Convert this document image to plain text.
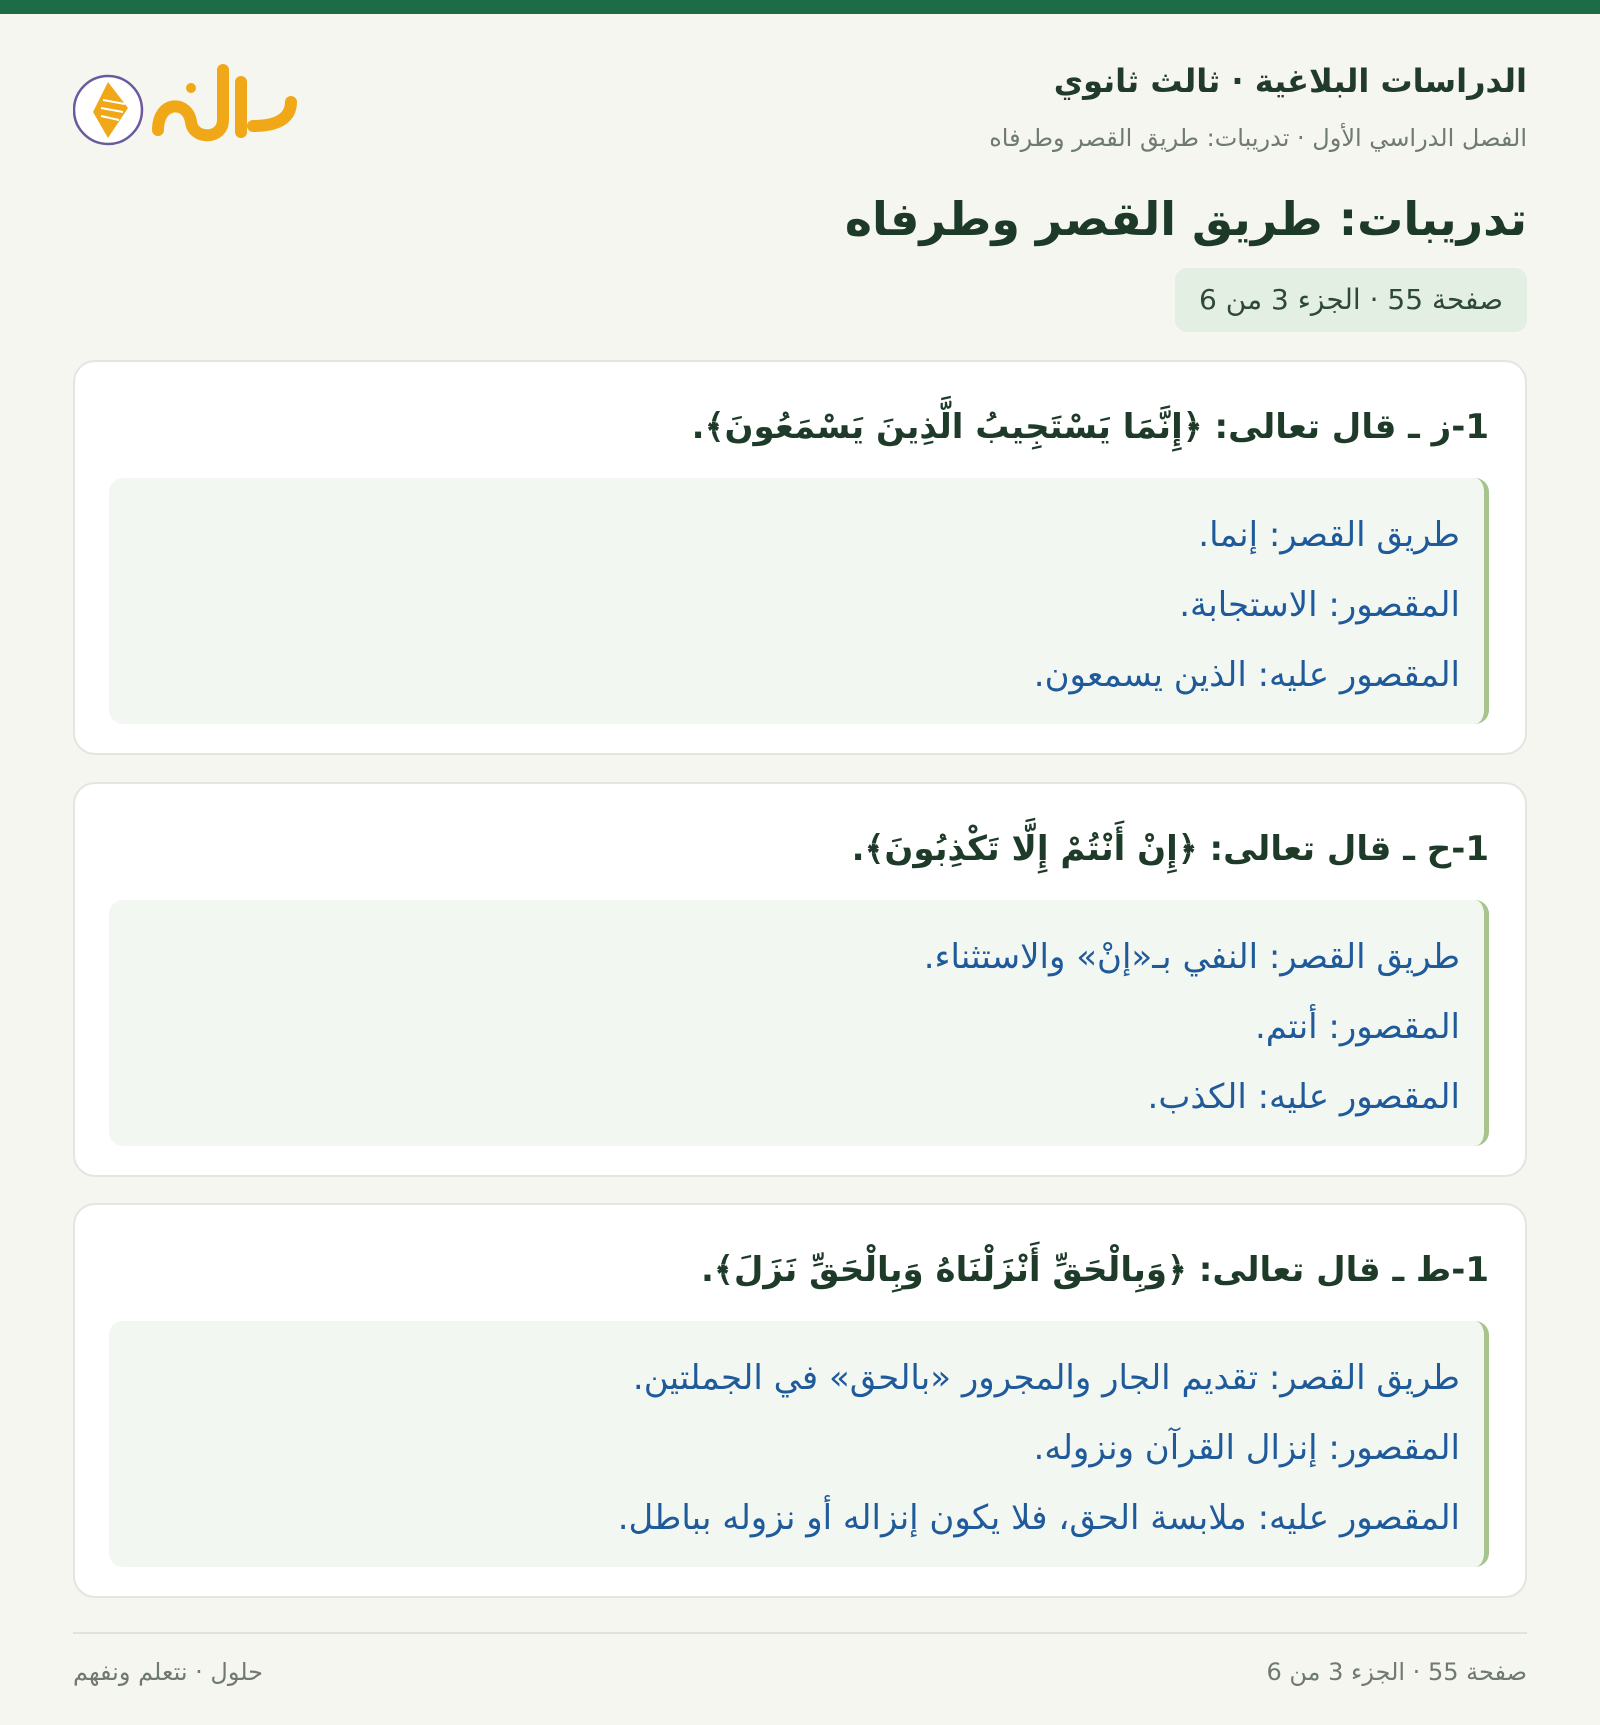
الدراسات البلاغية · ثالث ثانوي
الفصل الدراسي الأول · تدريبات: طريق القصر وطرفاه
تدريبات: طريق القصر وطرفاه
صفحة 55 · الجزء 3 من 6
1-ز ـ قال تعالى: ﴿إِنَّمَا يَسْتَجِيبُ الَّذِينَ يَسْمَعُونَ﴾.
طريق القصر: إنما.
المقصور: الاستجابة.
المقصور عليه: الذين يسمعون.
1-ح ـ قال تعالى: ﴿إِنْ أَنْتُمْ إِلَّا تَكْذِبُونَ﴾.
طريق القصر: النفي بـ«إنْ» والاستثناء.
المقصور: أنتم.
المقصور عليه: الكذب.
1-ط ـ قال تعالى: ﴿وَبِالْحَقِّ أَنْزَلْنَاهُ وَبِالْحَقِّ نَزَلَ﴾.
طريق القصر: تقديم الجار والمجرور «بالحق» في الجملتين.
المقصور: إنزال القرآن ونزوله.
المقصور عليه: ملابسة الحق، فلا يكون إنزاله أو نزوله بباطل.
صفحة 55 · الجزء 3 من 6
حلول · نتعلم ونفهم
